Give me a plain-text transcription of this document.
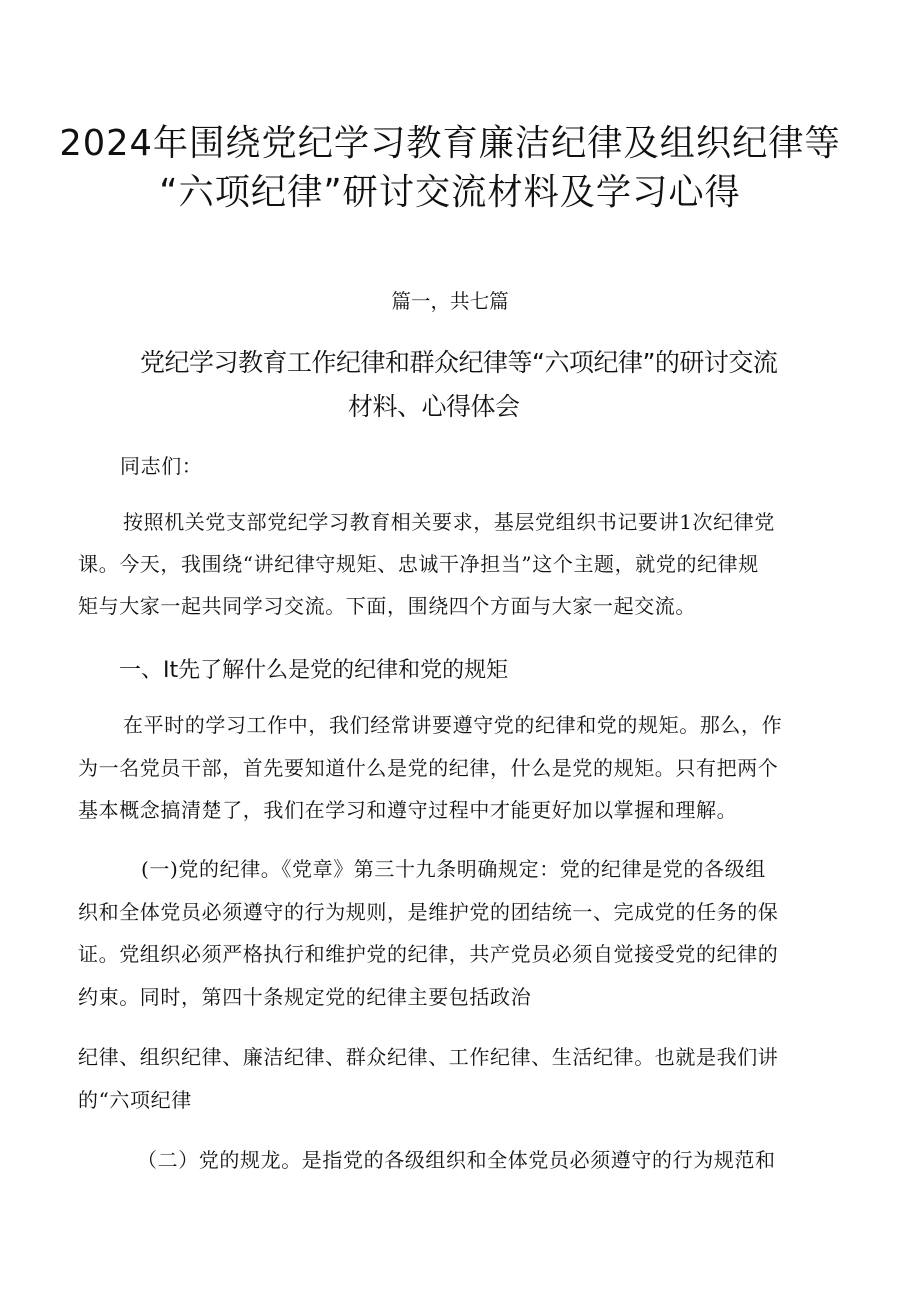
2024年围绕党纪学习教育廉洁纪律及组织纪律等
“六项纪律”研讨交流材料及学习心得
篇一，共七篇
党纪学习教育工作纪律和群众纪律等“六项纪律”的研讨交流
材料、心得体会
同志们：
按照机关党支部党纪学习教育相关要求，基层党组织书记要讲1次纪律党
课。今天，我围绕“讲纪律守规矩、忠诚干净担当”这个主题，就党的纪律规
矩与大家一起共同学习交流。下面，围绕四个方面与大家一起交流。
一、It先了解什么是党的纪律和党的规矩
在平时的学习工作中，我们经常讲要遵守党的纪律和党的规矩。那么，作
为一名党员干部，首先要知道什么是党的纪律，什么是党的规矩。只有把两个
基本概念搞清楚了，我们在学习和遵守过程中才能更好加以掌握和理解。
(一)党的纪律。《党章》第三十九条明确规定：党的纪律是党的各级组
织和全体党员必须遵守的行为规则，是维护党的团结统一、完成党的任务的保
证。党组织必须严格执行和维护党的纪律，共产党员必须自觉接受党的纪律的
约束。同时，第四十条规定党的纪律主要包括政治
纪律、组织纪律、廉洁纪律、群众纪律、工作纪律、生活纪律。也就是我们讲
的“六项纪律
（二）党的规龙。是指党的各级组织和全体党员必须遵守的行为规范和
